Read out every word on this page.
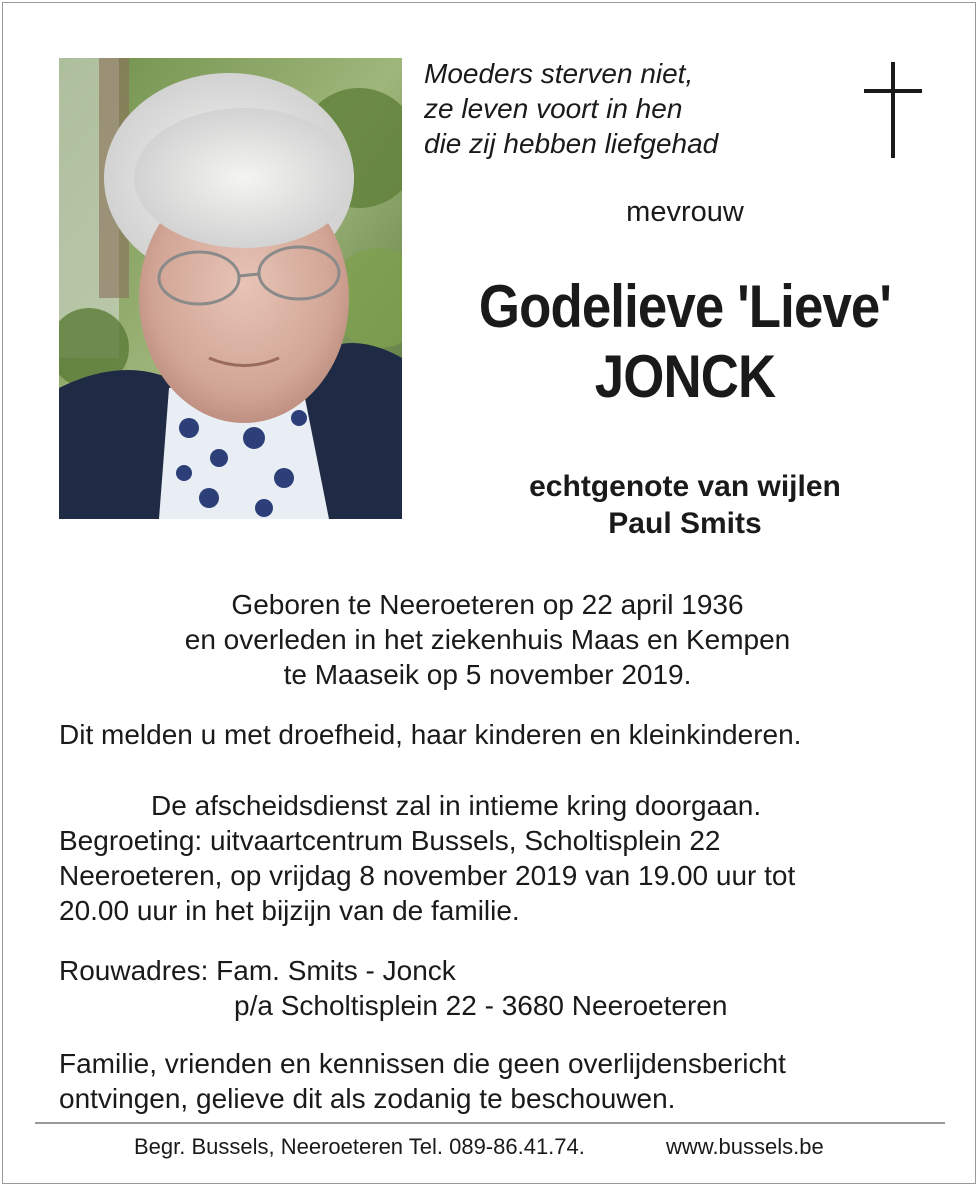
Moeders sterven niet,
ze leven voort in hen
die zij hebben liefgehad
mevrouw
Godelieve 'Lieve'
JONCK
echtgenote van wijlen
Paul Smits
Geboren te Neeroeteren op 22 april 1936
en overleden in het ziekenhuis Maas en Kempen
te Maaseik op 5 november 2019.
Dit melden u met droefheid, haar kinderen en kleinkinderen.
De afscheidsdienst zal in intieme kring doorgaan.
Begroeting: uitvaartcentrum Bussels, Scholtisplein 22
Neeroeteren, op vrijdag 8 november 2019 van 19.00 uur tot
20.00 uur in het bijzijn van de familie.
Rouwadres: Fam. Smits - Jonck
p/a Scholtisplein 22 - 3680 Neeroeteren
Familie, vrienden en kennissen die geen overlijdensbericht
ontvingen, gelieve dit als zodanig te beschouwen.
Begr. Bussels, Neeroeteren Tel. 089-86.41.74.	www.bussels.be
